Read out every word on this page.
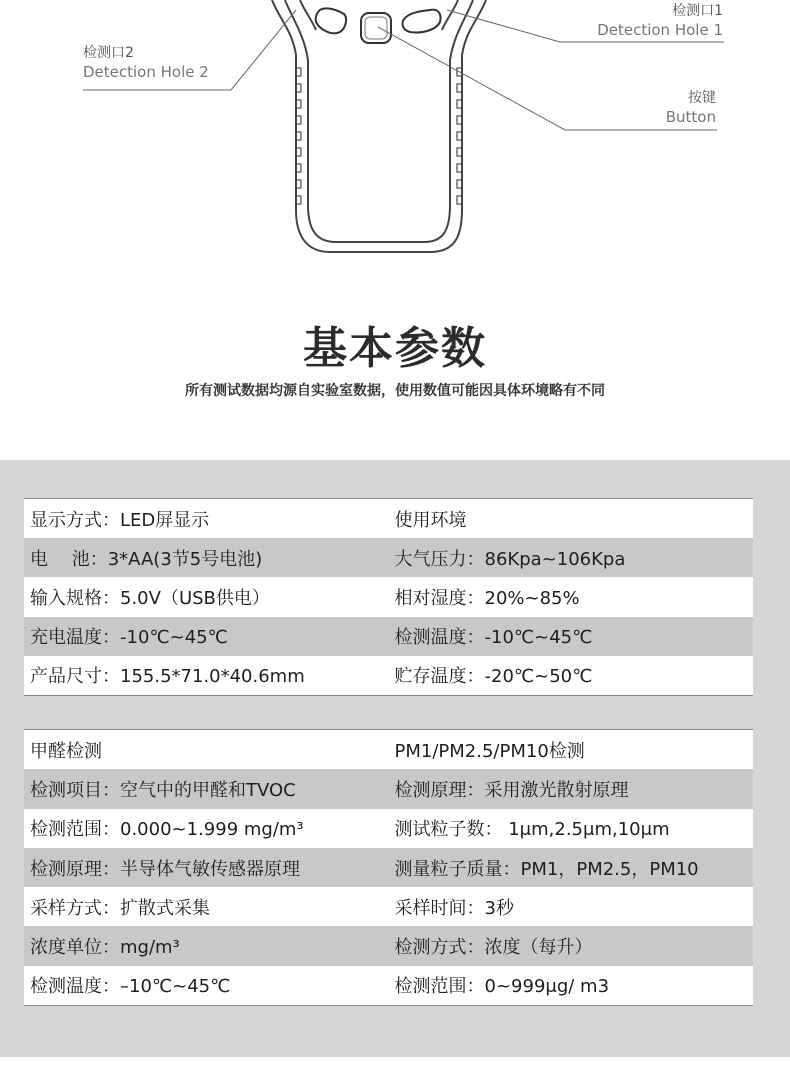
检测口1
Detection Hole 1
检测口2
Detection Hole 2
按键
Button
基本参数
所有测试数据均源自实验室数据，使用数值可能因具体环境略有不同
显示方式：LED屏显示	使用环境
电　 池：3*AA(3节5号电池)	大气压力：86Kpa~106Kpa
输入规格：5.0V（USB供电）	相对湿度：20%~85%
充电温度：-10℃~45℃	检测温度：-10℃~45℃
产品尺寸：155.5*71.0*40.6mm	贮存温度：-20℃~50℃
甲醛检测	PM1/PM2.5/PM10检测
检测项目：空气中的甲醛和TVOC	检测原理：采用激光散射原理
检测范围：0.000~1.999 mg/m³	测试粒子数： 1μm,2.5μm,10μm
检测原理：半导体气敏传感器原理	测量粒子质量：PM1，PM2.5，PM10
采样方式：扩散式采集	采样时间：3秒
浓度单位：mg/m³	检测方式：浓度（每升）
检测温度：–10℃~45℃	检测范围：0~999μg/ m3
